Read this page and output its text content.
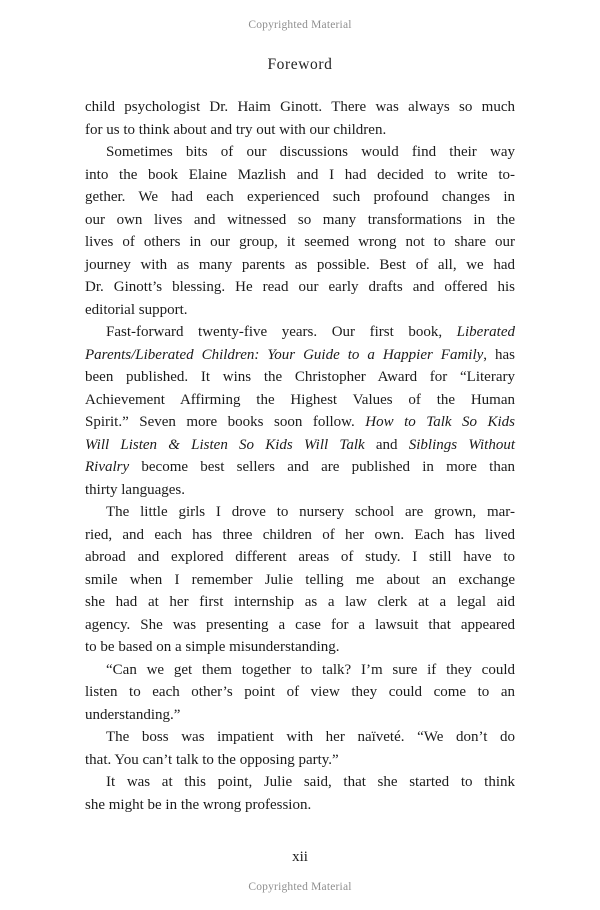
Copyrighted Material
Foreword
child psychologist Dr. Haim Ginott. There was always so much
for us to think about and try out with our children.
Sometimes bits of our discussions would find their way
into the book Elaine Mazlish and I had decided to write to-
gether. We had each experienced such profound changes in
our own lives and witnessed so many transformations in the
lives of others in our group, it seemed wrong not to share our
journey with as many parents as possible. Best of all, we had
Dr. Ginott’s blessing. He read our early drafts and offered his
editorial support.
Fast-forward twenty-five years. Our first book, Liberated
Parents/Liberated Children: Your Guide to a Happier Family, has
been published. It wins the Christopher Award for “Literary
Achievement Affirming the Highest Values of the Human
Spirit.” Seven more books soon follow. How to Talk So Kids
Will Listen & Listen So Kids Will Talk and Siblings Without
Rivalry become best sellers and are published in more than
thirty languages.
The little girls I drove to nursery school are grown, mar-
ried, and each has three children of her own. Each has lived
abroad and explored different areas of study. I still have to
smile when I remember Julie telling me about an exchange
she had at her first internship as a law clerk at a legal aid
agency. She was presenting a case for a lawsuit that appeared
to be based on a simple misunderstanding.
“Can we get them together to talk? I’m sure if they could
listen to each other’s point of view they could come to an
understanding.”
The boss was impatient with her naïveté. “We don’t do
that. You can’t talk to the opposing party.”
It was at this point, Julie said, that she started to think
she might be in the wrong profession.
xii
Copyrighted Material
